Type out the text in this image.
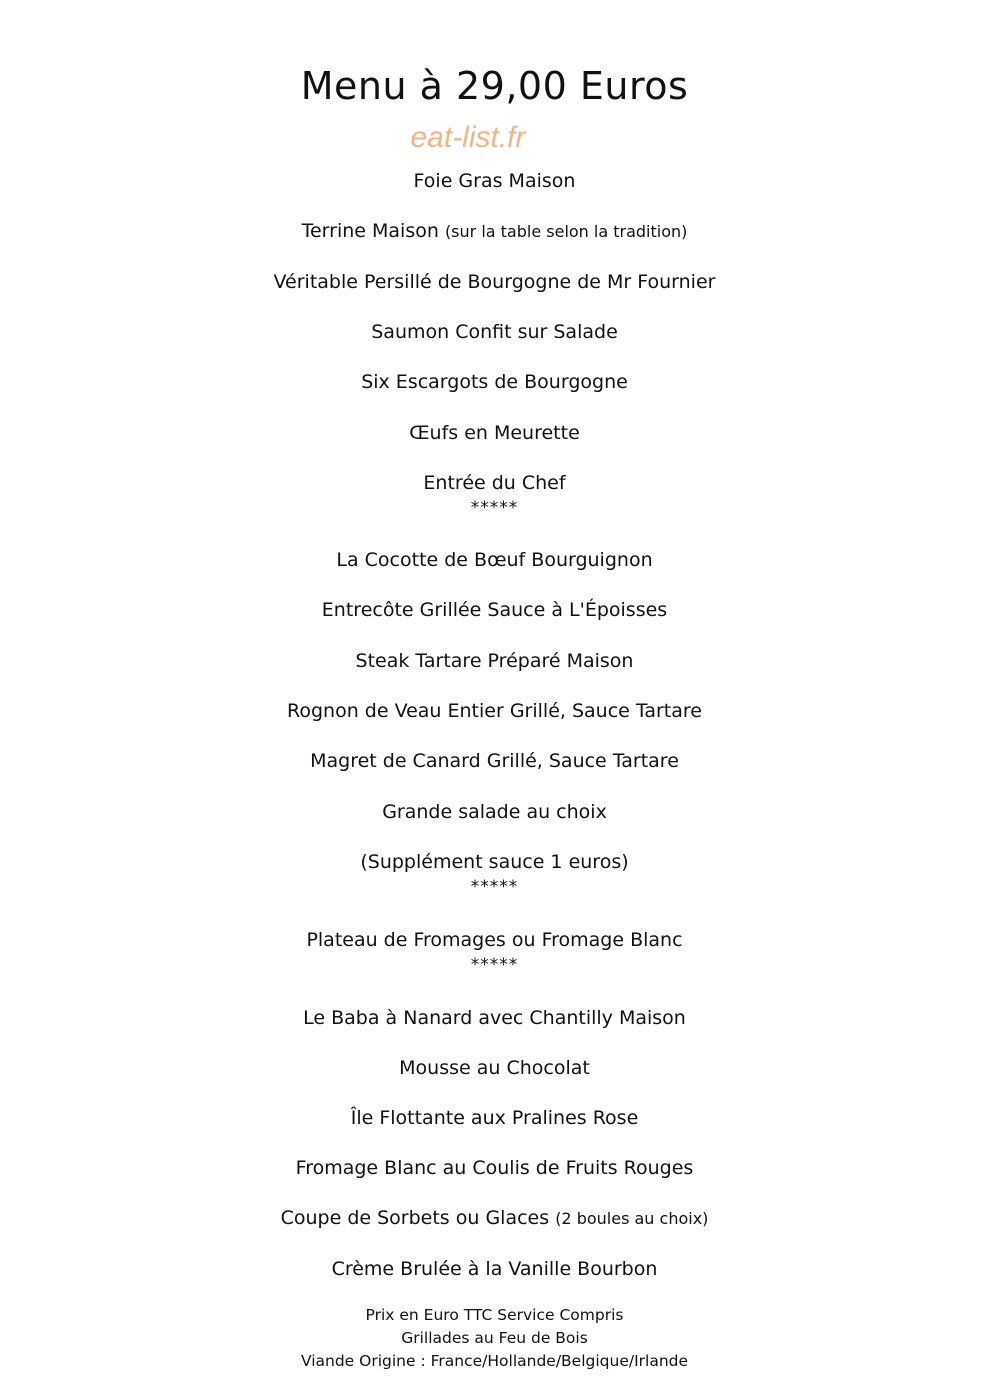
Menu à 29,00 Euros
eat-list.fr
Foie Gras Maison
Terrine Maison (sur la table selon la tradition)
Véritable Persillé de Bourgogne de Mr Fournier
Saumon Confit sur Salade
Six Escargots de Bourgogne
Œufs en Meurette
Entrée du Chef
*****
La Cocotte de Bœuf Bourguignon
Entrecôte Grillée Sauce à L'Époisses
Steak Tartare Préparé Maison
Rognon de Veau Entier Grillé, Sauce Tartare
Magret de Canard Grillé, Sauce Tartare
Grande salade au choix
(Supplément sauce 1 euros)
*****
Plateau de Fromages ou Fromage Blanc
*****
Le Baba à Nanard avec Chantilly Maison
Mousse au Chocolat
Île Flottante aux Pralines Rose
Fromage Blanc au Coulis de Fruits Rouges
Coupe de Sorbets ou Glaces (2 boules au choix)
Crème Brulée à la Vanille Bourbon
Prix en Euro TTC Service Compris
Grillades au Feu de Bois
Viande Origine : France/Hollande/Belgique/Irlande
